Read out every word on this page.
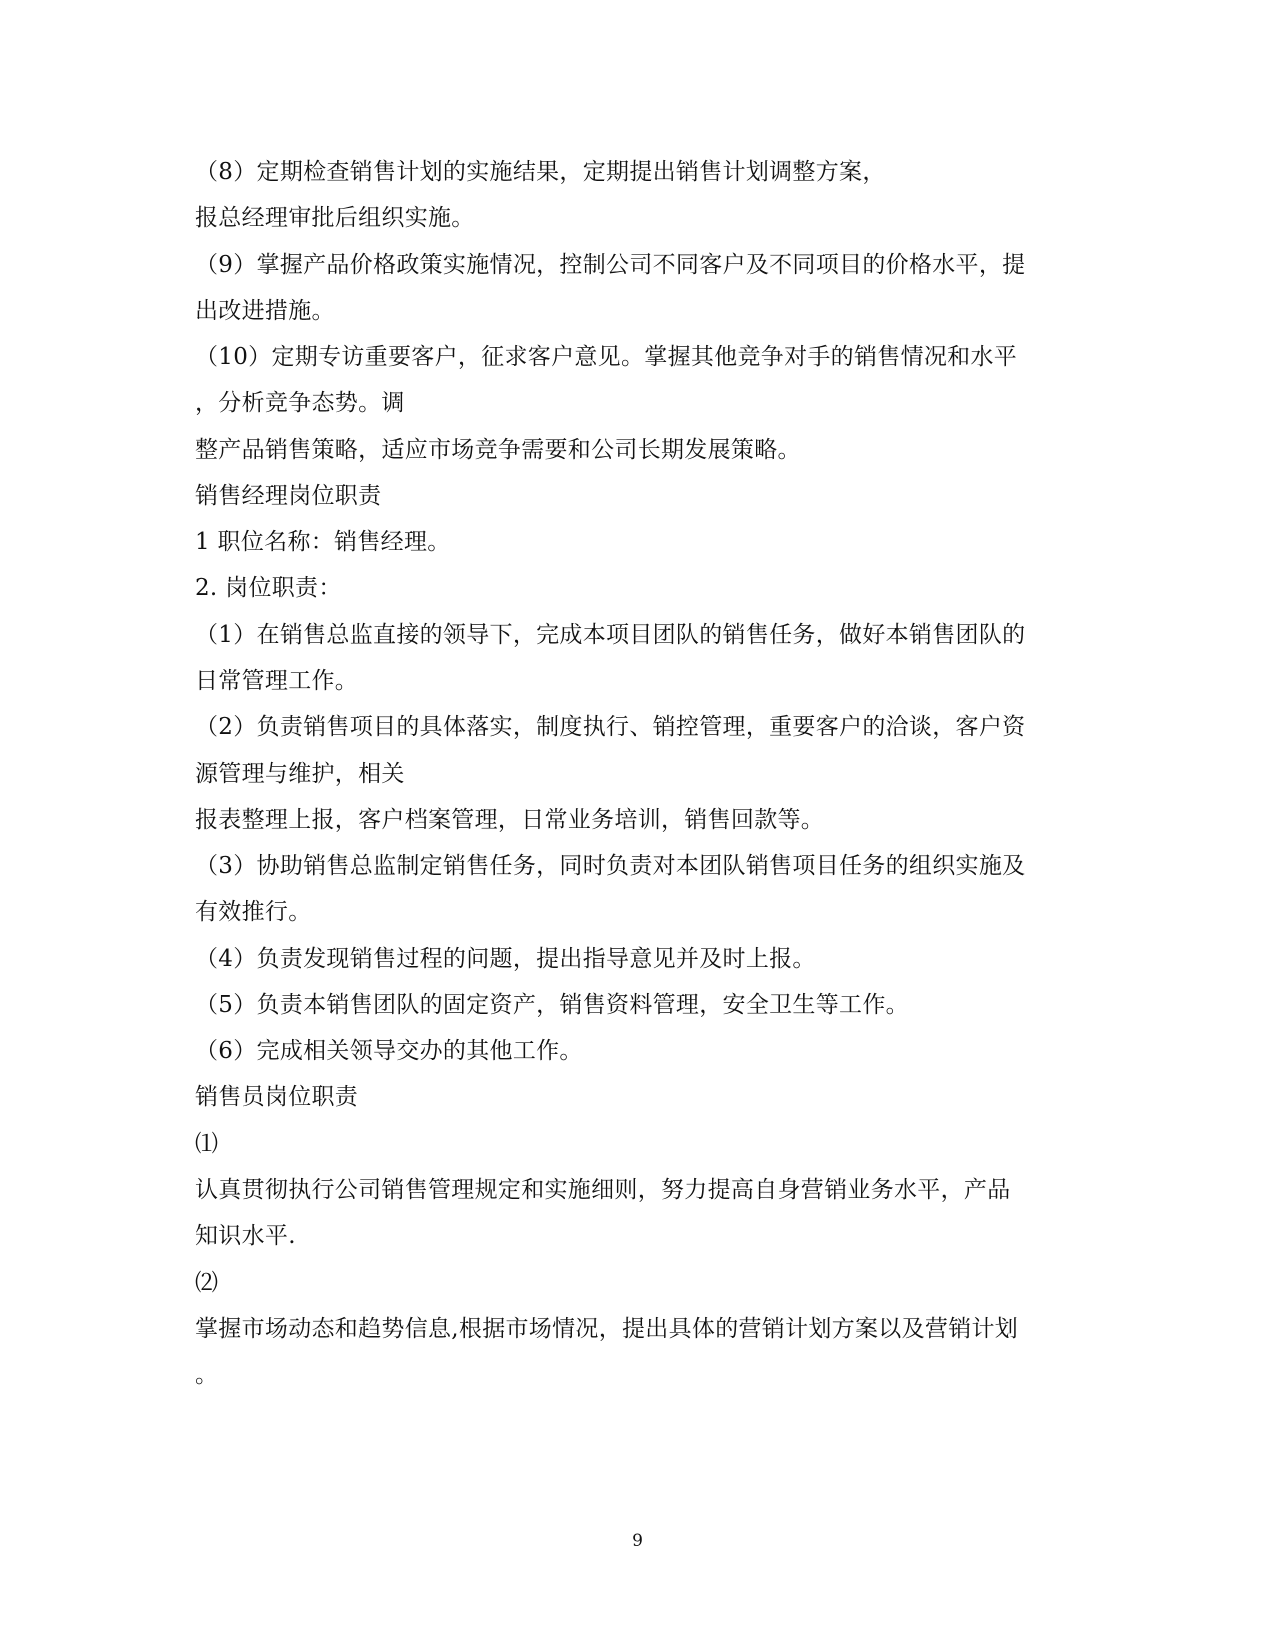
（8）定期检查销售计划的实施结果，定期提出销售计划调整方案，
报总经理审批后组织实施。
（9）掌握产品价格政策实施情况，控制公司不同客户及不同项目的价格水平，提
出改进措施。
（10）定期专访重要客户，征求客户意见。掌握其他竞争对手的销售情况和水平
，分析竞争态势。调
整产品销售策略，适应市场竞争需要和公司长期发展策略。
销售经理岗位职责
1 职位名称：销售经理。
2. 岗位职责：
（1）在销售总监直接的领导下，完成本项目团队的销售任务，做好本销售团队的
日常管理工作。
（2）负责销售项目的具体落实，制度执行、销控管理，重要客户的洽谈，客户资
源管理与维护，相关
报表整理上报，客户档案管理，日常业务培训，销售回款等。
（3）协助销售总监制定销售任务，同时负责对本团队销售项目任务的组织实施及
有效推行。
（4）负责发现销售过程的问题，提出指导意见并及时上报。
（5）负责本销售团队的固定资产，销售资料管理，安全卫生等工作。
（6）完成相关领导交办的其他工作。
销售员岗位职责
⑴
认真贯彻执行公司销售管理规定和实施细则，努力提高自身营销业务水平，产品
知识水平.
⑵
掌握市场动态和趋势信息,根据市场情况，提出具体的营销计划方案以及营销计划
。
9
